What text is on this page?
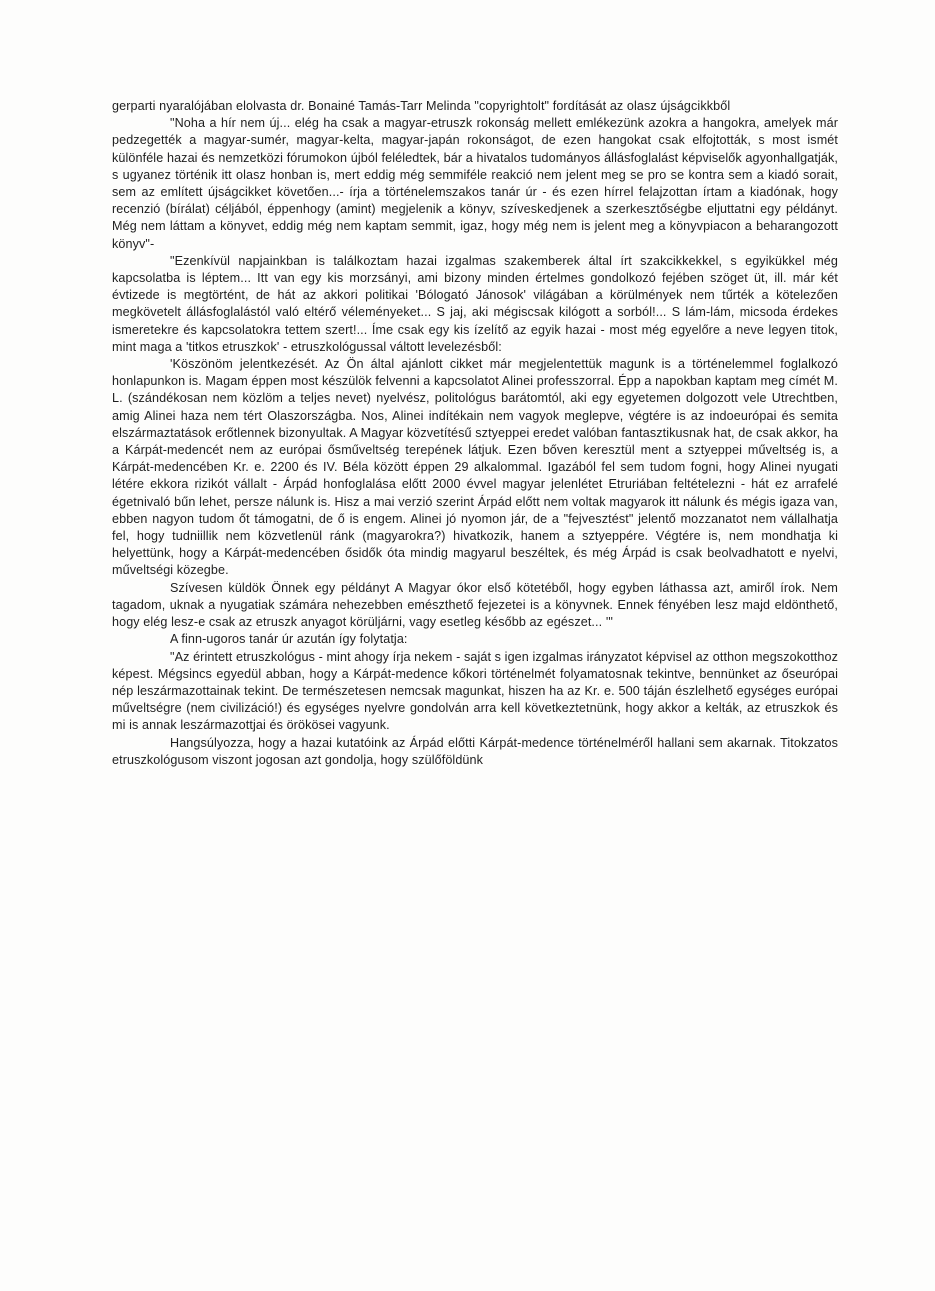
gerparti nyaralójában elolvasta dr. Bonainé Tamás-Tarr Melinda "copyrightolt" fordítását az olasz újságcikkből

"Noha a hír nem új... elég ha csak a magyar-etruszk rokonság mellett emlékezünk azokra a hangokra, amelyek már pedzegették a magyar-sumér, magyar-kelta, magyar-japán rokonságot, de ezen hangokat csak elfojtották, s most ismét különféle hazai és nemzetközi fórumokon újból feléledtek, bár a hivatalos tudományos állásfoglalást képviselők agyonhallgatják, s ugyanez történik itt olasz honban is, mert eddig még semmiféle reakció nem jelent meg se pro se kontra sem a kiadó sorait, sem az említett újságcikket követően...- írja a történelemszakos tanár úr - és ezen hírrel felajzottan írtam a kiadónak, hogy recenzió (bírálat) céljából, éppenhogy (amint) megjelenik a könyv, szíveskedjenek a szerkesztőségbe eljuttatni egy példányt. Még nem láttam a könyvet, eddig még nem kaptam semmit, igaz, hogy még nem is jelent meg a könyvpiacon a beharangozott könyv"-

"Ezenkívül napjainkban is találkoztam hazai izgalmas szakemberek által írt szakcikkekkel, s egyikükkel még kapcsolatba is léptem... Itt van egy kis morzsányi, ami bizony minden értelmes gondolkozó fejében szöget üt, ill. már két évtizede is megtörtént, de hát az akkori politikai 'Bólogató Jánosok' világában a körülmények nem tűrték a kötelezően megkövetelt állásfoglalástól való eltérő véleményeket... S jaj, aki mégiscsak kilógott a sorból!... S lám-lám, micsoda érdekes ismeretekre és kapcsolatokra tettem szert!... Íme csak egy kis ízelítő az egyik hazai - most még egyelőre a neve legyen titok, mint maga a 'titkos etruszkok' - etruszkológussal váltott levelezésből:

'Köszönöm jelentkezését. Az Ön által ajánlott cikket már megjelentettük magunk is a történelemmel foglalkozó honlapunkon is. Magam éppen most készülök felvenni a kapcsolatot Alinei professzorral. Épp a napokban kaptam meg címét M. L. (szándékosan nem közlöm a teljes nevet) nyelvész, politológus barátomtól, aki egy egyetemen dolgozott vele Utrechtben, amig Alinei haza nem tért Olaszországba. Nos, Alinei indítékain nem vagyok meglepve, végtére is az indoeurópai és semita elszármaztatások erőtlennek bizonyultak. A Magyar közvetítésű sztyeppei eredet valóban fantasztikusnak hat, de csak akkor, ha a Kárpát-medencét nem az európai ősműveltség terepének látjuk. Ezen bőven keresztül ment a sztyeppei műveltség is, a Kárpát-medencében Kr. e. 2200 és IV. Béla között éppen 29 alkalommal. Igazából fel sem tudom fogni, hogy Alinei nyugati létére ekkora rizikót vállalt - Árpád honfoglalása előtt 2000 évvel magyar jelenlétet Etruriában feltételezni - hát ez arrafelé égetnivaló bűn lehet, persze nálunk is. Hisz a mai verzió szerint Árpád előtt nem voltak magyarok itt nálunk és mégis igaza van, ebben nagyon tudom őt támogatni, de ő is engem. Alinei jó nyomon jár, de a "fejvesztést" jelentő mozzanatot nem vállalhatja fel, hogy tudniillik nem közvetlenül ránk (magyarokra?) hivatkozik, hanem a sztyeppére. Végtére is, nem mondhatja ki helyettünk, hogy a Kárpát-medencében ősidők óta mindig magyarul beszéltek, és még Árpád is csak beolvadhatott e nyelvi, műveltségi közegbe.

Szívesen küldök Önnek egy példányt A Magyar ókor első kötetéből, hogy egyben láthassa azt, amiről írok. Nem tagadom, uknak a nyugatiak számára nehezebben emészthető fejezetei is a könyvnek. Ennek fényében lesz majd eldönthető, hogy elég lesz-e csak az etruszk anyagot körüljárni, vagy esetleg később az egészet... '"

A finn-ugoros tanár úr azután így folytatja:

"Az érintett etruszkológus - mint ahogy írja nekem - saját s igen izgalmas irányzatot képvisel az otthon megszokotthoz képest. Mégsincs egyedül abban, hogy a Kárpát-medence kőkori történelmét folyamatosnak tekintve, bennünket az őseurópai nép leszármazottainak tekint. De természetesen nemcsak magunkat, hiszen ha az Kr. e. 500 táján észlelhető egységes európai műveltségre (nem civilizáció!) és egységes nyelvre gondolván arra kell következtetnünk, hogy akkor a kelták, az etruszkok és mi is annak leszármazottjai és örökösei vagyunk.

Hangsúlyozza, hogy a hazai kutatóink az Árpád előtti Kárpát-medence történelméről hallani sem akarnak. Titokzatos etruszkológusom viszont jogosan azt gondolja, hogy szülőföldünk
